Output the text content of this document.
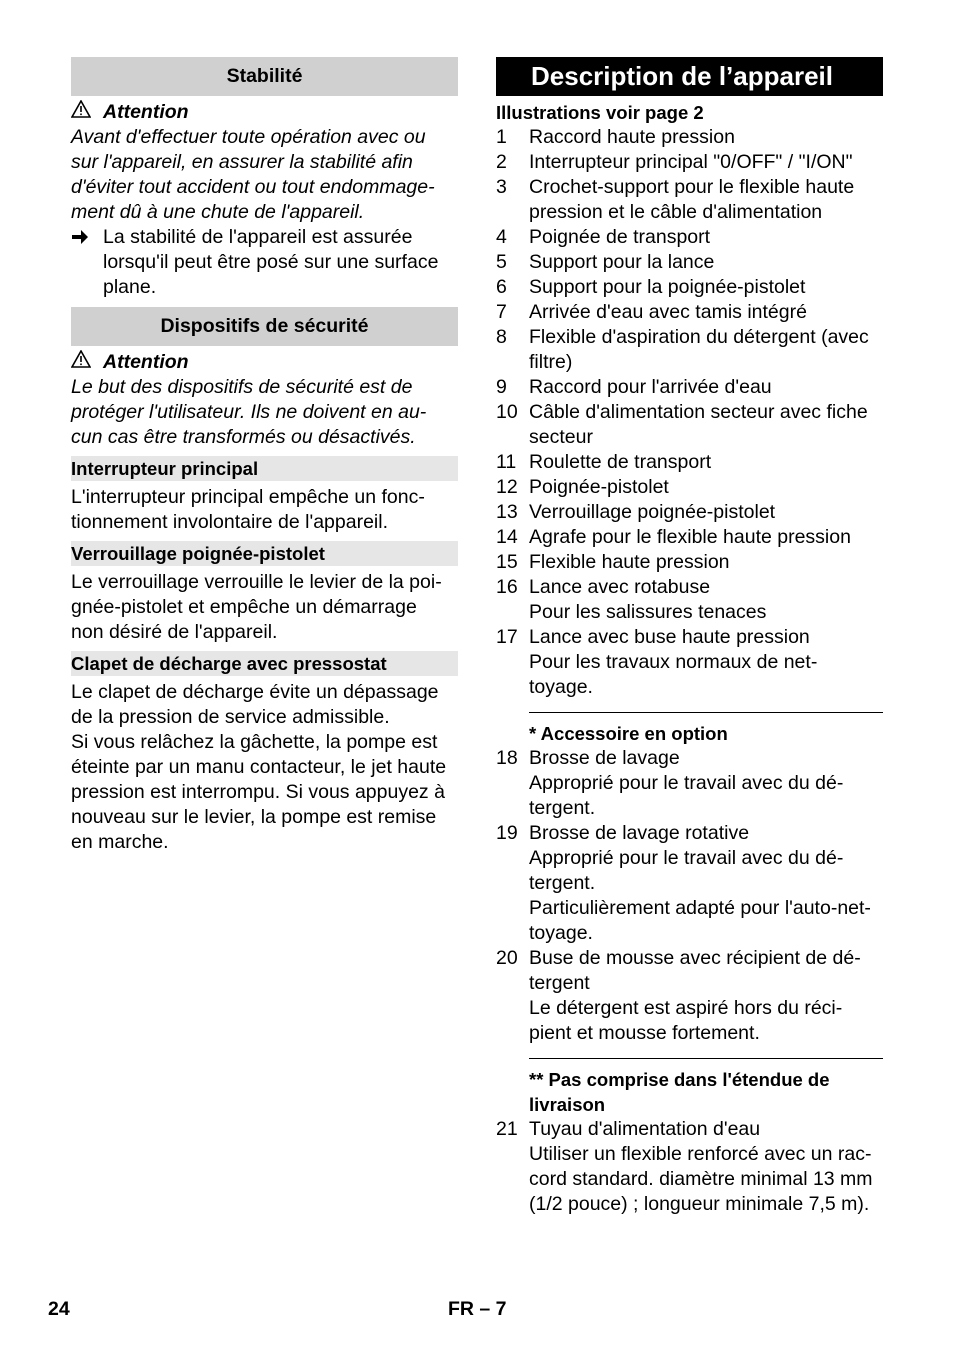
Stabilité
Attention

Avant d'effectuer toute opération avec ou

sur l'appareil, en assurer la stabilité afin

d'éviter tout accident ou tout endommage-

ment dû à une chute de l'appareil.

La stabilité de l'appareil est assurée

lorsqu'il peut être posé sur une surface

plane.

Dispositifs de sécurité
Attention

Le but des dispositifs de sécurité est de

protéger l'utilisateur. Ils ne doivent en au-

cun cas être transformés ou désactivés.

Interrupteur principal

L'interrupteur principal empêche un fonc-

tionnement involontaire de l'appareil.

Verrouillage poignée-pistolet

Le verrouillage verrouille le levier de la poi-

gnée-pistolet et empêche un démarrage

non désiré de l'appareil.

Clapet de décharge avec pressostat

Le clapet de décharge évite un dépassage

de la pression de service admissible.

Si vous relâchez la gâchette, la pompe est

éteinte par un manu contacteur, le jet haute

pression est interrompu. Si vous appuyez à

nouveau sur le levier, la pompe est remise

en marche.

Description de l’appareil
Illustrations voir page 2
1	Raccord haute pression

2	Interrupteur principal "0/OFF" / "I/ON"

3	Crochet-support pour le flexible haute

pression et le câble d'alimentation

4	Poignée de transport

5	Support pour la lance

6	Support pour la poignée-pistolet

7	Arrivée d'eau avec tamis intégré

8	Flexible d'aspiration du détergent (avec

filtre)

9	Raccord pour l'arrivée d'eau

10 Câble d'alimentation secteur avec fiche

secteur

11 Roulette de transport

12 Poignée-pistolet

13 Verrouillage poignée-pistolet

14 Agrafe pour le flexible haute pression

15 Flexible haute pression

16 Lance avec rotabuse

Pour les salissures tenaces

17 Lance avec buse haute pression

Pour les travaux normaux de net-

toyage.

* Accessoire en option
18 Brosse de lavage

Approprié pour le travail avec du dé-

tergent.

19 Brosse de lavage rotative

Approprié pour le travail avec du dé-

tergent.

Particulièrement adapté pour l'auto-net-

toyage.

20 Buse de mousse avec récipient de dé-

tergent

Le détergent est aspiré hors du réci-

pient et mousse fortement.

** Pas comprise dans l'étendue de
livraison
21 Tuyau d'alimentation d'eau

Utiliser un flexible renforcé avec un rac-

cord standard. diamètre minimal 13 mm

(1/2 pouce) ; longueur minimale 7,5 m).

24	FR – 7
